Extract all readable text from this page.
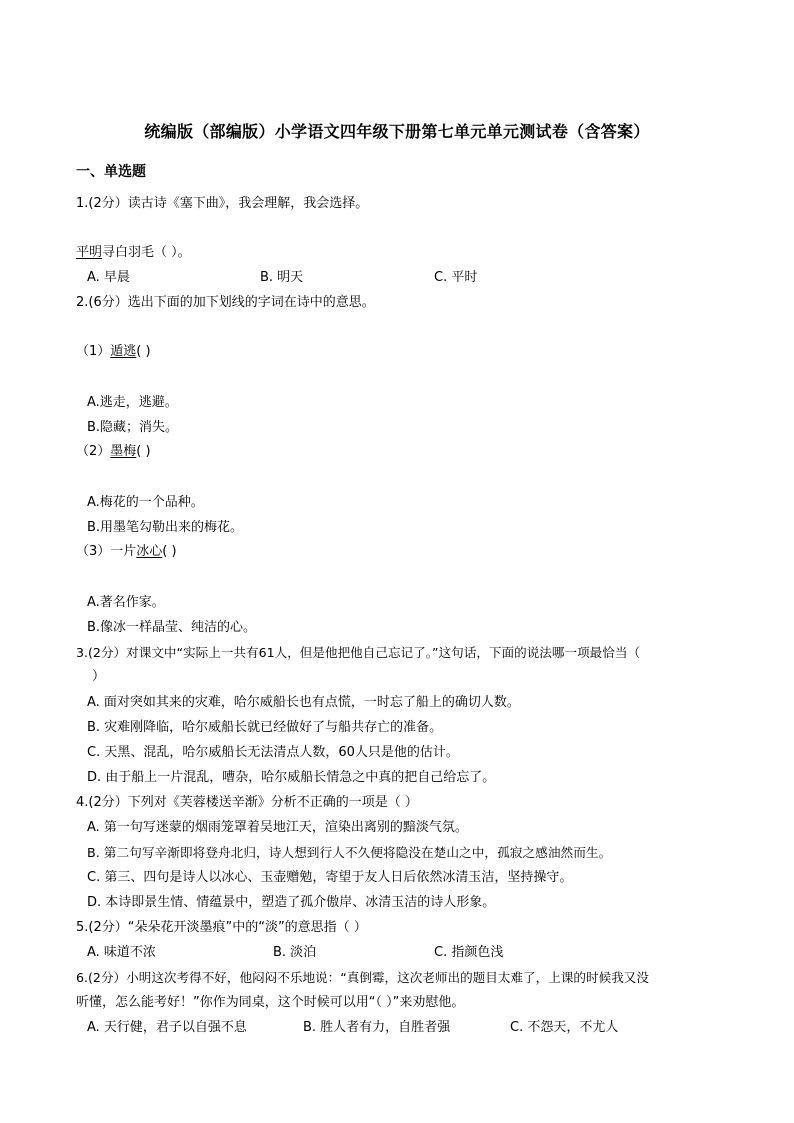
统编版（部编版）小学语文四年级下册第七单元单元测试卷（含答案）
一、单选题
1.(2分）读古诗《塞下曲》，我会理解，我会选择。
平明寻白羽毛（ ）。
A. 早晨	B. 明天	C. 平时
2.(6分）选出下面的加下划线的字词在诗中的意思。
（1）遁逃( )
A.逃走，逃避。
B.隐藏；消失。
（2）墨梅( )
A.梅花的一个品种。
B.用墨笔勾勒出来的梅花。
（3）一片冰心( )
A.著名作家。
B.像冰一样晶莹、纯洁的心。
3.(2分）对课文中“实际上一共有61人，但是他把他自己忘记了。”这句话，下面的说法哪一项最恰当（
）
A. 面对突如其来的灾难，哈尔威船长也有点慌，一时忘了船上的确切人数。
B. 灾难刚降临，哈尔威船长就已经做好了与船共存亡的准备。
C. 天黑、混乱，哈尔威船长无法清点人数，60人只是他的估计。
D. 由于船上一片混乱，嘈杂，哈尔威船长情急之中真的把自己给忘了。
4.(2分）下列对《芙蓉楼送辛渐》分析不正确的一项是（ ）
A. 第一句写迷蒙的烟雨笼罩着吴地江天，渲染出离别的黯淡气氛。
B. 第二句写辛渐即将登舟北归，诗人想到行人不久便将隐没在楚山之中，孤寂之感油然而生。
C. 第三、四句是诗人以冰心、玉壶赠勉，寄望于友人日后依然冰清玉洁，坚持操守。
D. 本诗即景生情、情蕴景中，塑造了孤介傲岸、冰清玉洁的诗人形象。
5.(2分）“朵朵花开淡墨痕”中的“淡”的意思指（ ）
A. 味道不浓	B. 淡泊	C. 指颜色浅
6.(2分）小明这次考得不好，他闷闷不乐地说：“真倒霉，这次老师出的题目太难了，上课的时候我又没
听懂，怎么能考好！”你作为同桌，这个时候可以用“（ ）”来劝慰他。
A. 天行健，君子以自强不息	B. 胜人者有力，自胜者强	C. 不怨天，不尤人
